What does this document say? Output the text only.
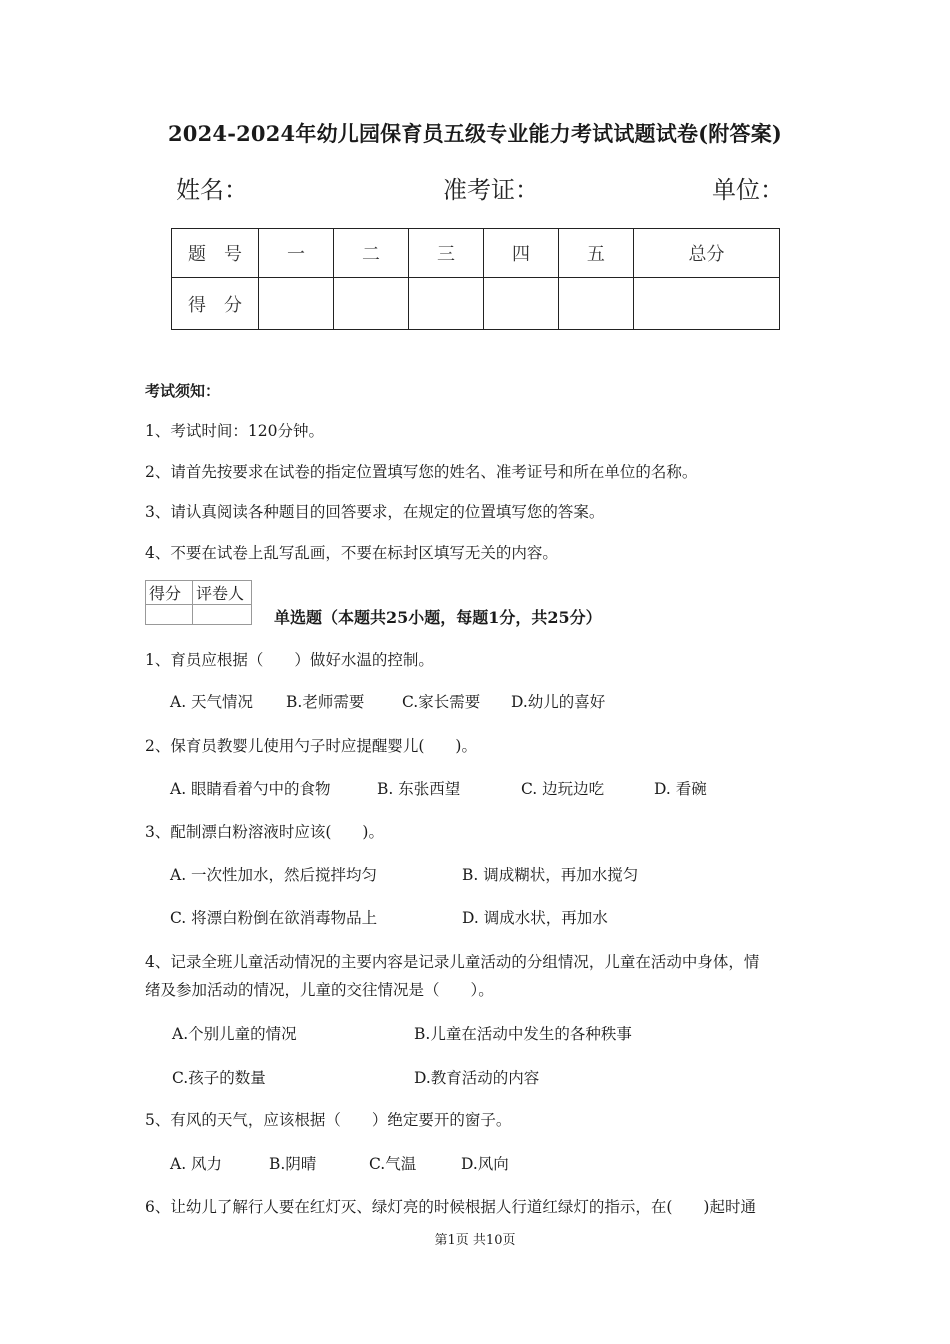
2024-2024年幼儿园保育员五级专业能力考试试题试卷(附答案)
姓名：	准考证：	单位：
题　号	一	二	三	四	五	总分
得　分						
考试须知：
1、考试时间：120分钟。
2、请首先按要求在试卷的指定位置填写您的姓名、准考证号和所在单位的名称。
3、请认真阅读各种题目的回答要求，在规定的位置填写您的答案。
4、不要在试卷上乱写乱画，不要在标封区填写无关的内容。
得分	评卷人

单选题（本题共25小题，每题1分，共25分）
1、育员应根据（　　）做好水温的控制。
A. 天气情况 B.老师需要 C.家长需要 D.幼儿的喜好
2、保育员教婴儿使用勺子时应提醒婴儿(　　)。
A. 眼睛看着勺中的食物	B. 东张西望	C. 边玩边吃	D. 看碗
3、配制漂白粉溶液时应该(　　)。
A. 一次性加水，然后搅拌均匀	B. 调成糊状，再加水搅匀
C. 将漂白粉倒在欲消毒物品上	D. 调成水状，再加水
4、记录全班儿童活动情况的主要内容是记录儿童活动的分组情况，儿童在活动中身体，情
绪及参加活动的情况，儿童的交往情况是（　　）。
A.个别儿童的情况	B.儿童在活动中发生的各种秩事
C.孩子的数量	D.教育活动的内容
5、有风的天气，应该根据（　　）绝定要开的窗子。
A. 风力	B.阴晴	C.气温	D.风向
6、让幼儿了解行人要在红灯灭、绿灯亮的时候根据人行道红绿灯的指示，在(　　)起时通
第1页 共10页
